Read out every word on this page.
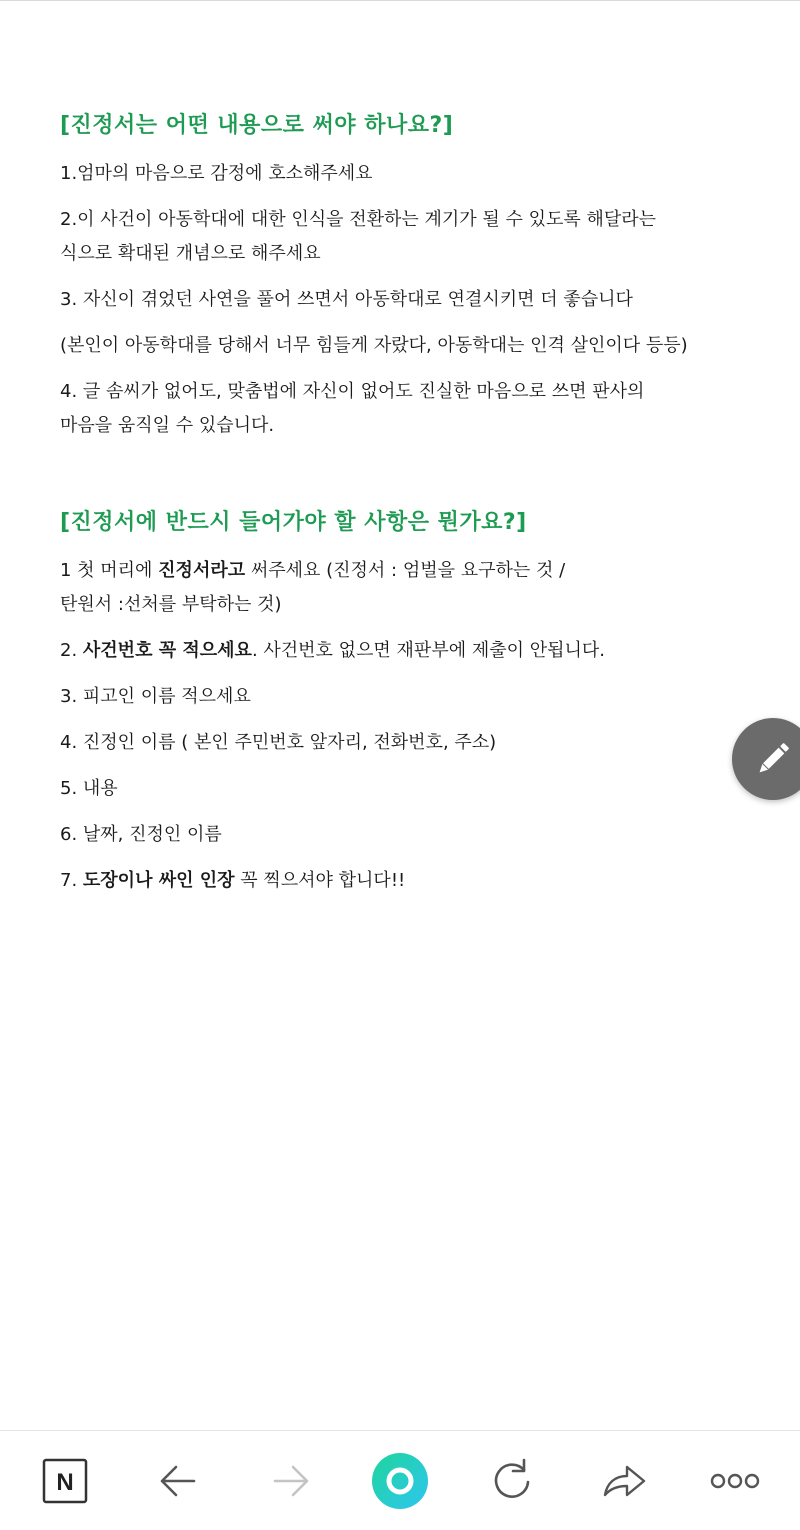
[진정서는 어떤 내용으로 써야 하나요?]

1.엄마의 마음으로 감정에 호소해주세요

2.이 사건이 아동학대에 대한 인식을 전환하는 계기가 될 수 있도록 해달라는
식으로 확대된 개념으로 해주세요

3. 자신이 겪었던 사연을 풀어 쓰면서 아동학대로 연결시키면 더 좋습니다

(본인이 아동학대를 당해서 너무 힘들게 자랐다, 아동학대는 인격 살인이다 등등)

4. 글 솜씨가 없어도, 맞춤법에 자신이 없어도 진실한 마음으로 쓰면 판사의
마음을 움직일 수 있습니다.

[진정서에 반드시 들어가야 할 사항은 뭔가요?]

1 첫 머리에 진정서라고 써주세요 (진정서 : 엄벌을 요구하는 것 /
탄원서 :선처를 부탁하는 것)

2. 사건번호 꼭 적으세요. 사건번호 없으면 재판부에 제출이 안됩니다.

3. 피고인 이름 적으세요

4. 진정인 이름 ( 본인 주민번호 앞자리, 전화번호, 주소)

5. 내용

6. 날짜, 진정인 이름

7. 도장이나 싸인 인장 꼭 찍으셔야 합니다!!

N
